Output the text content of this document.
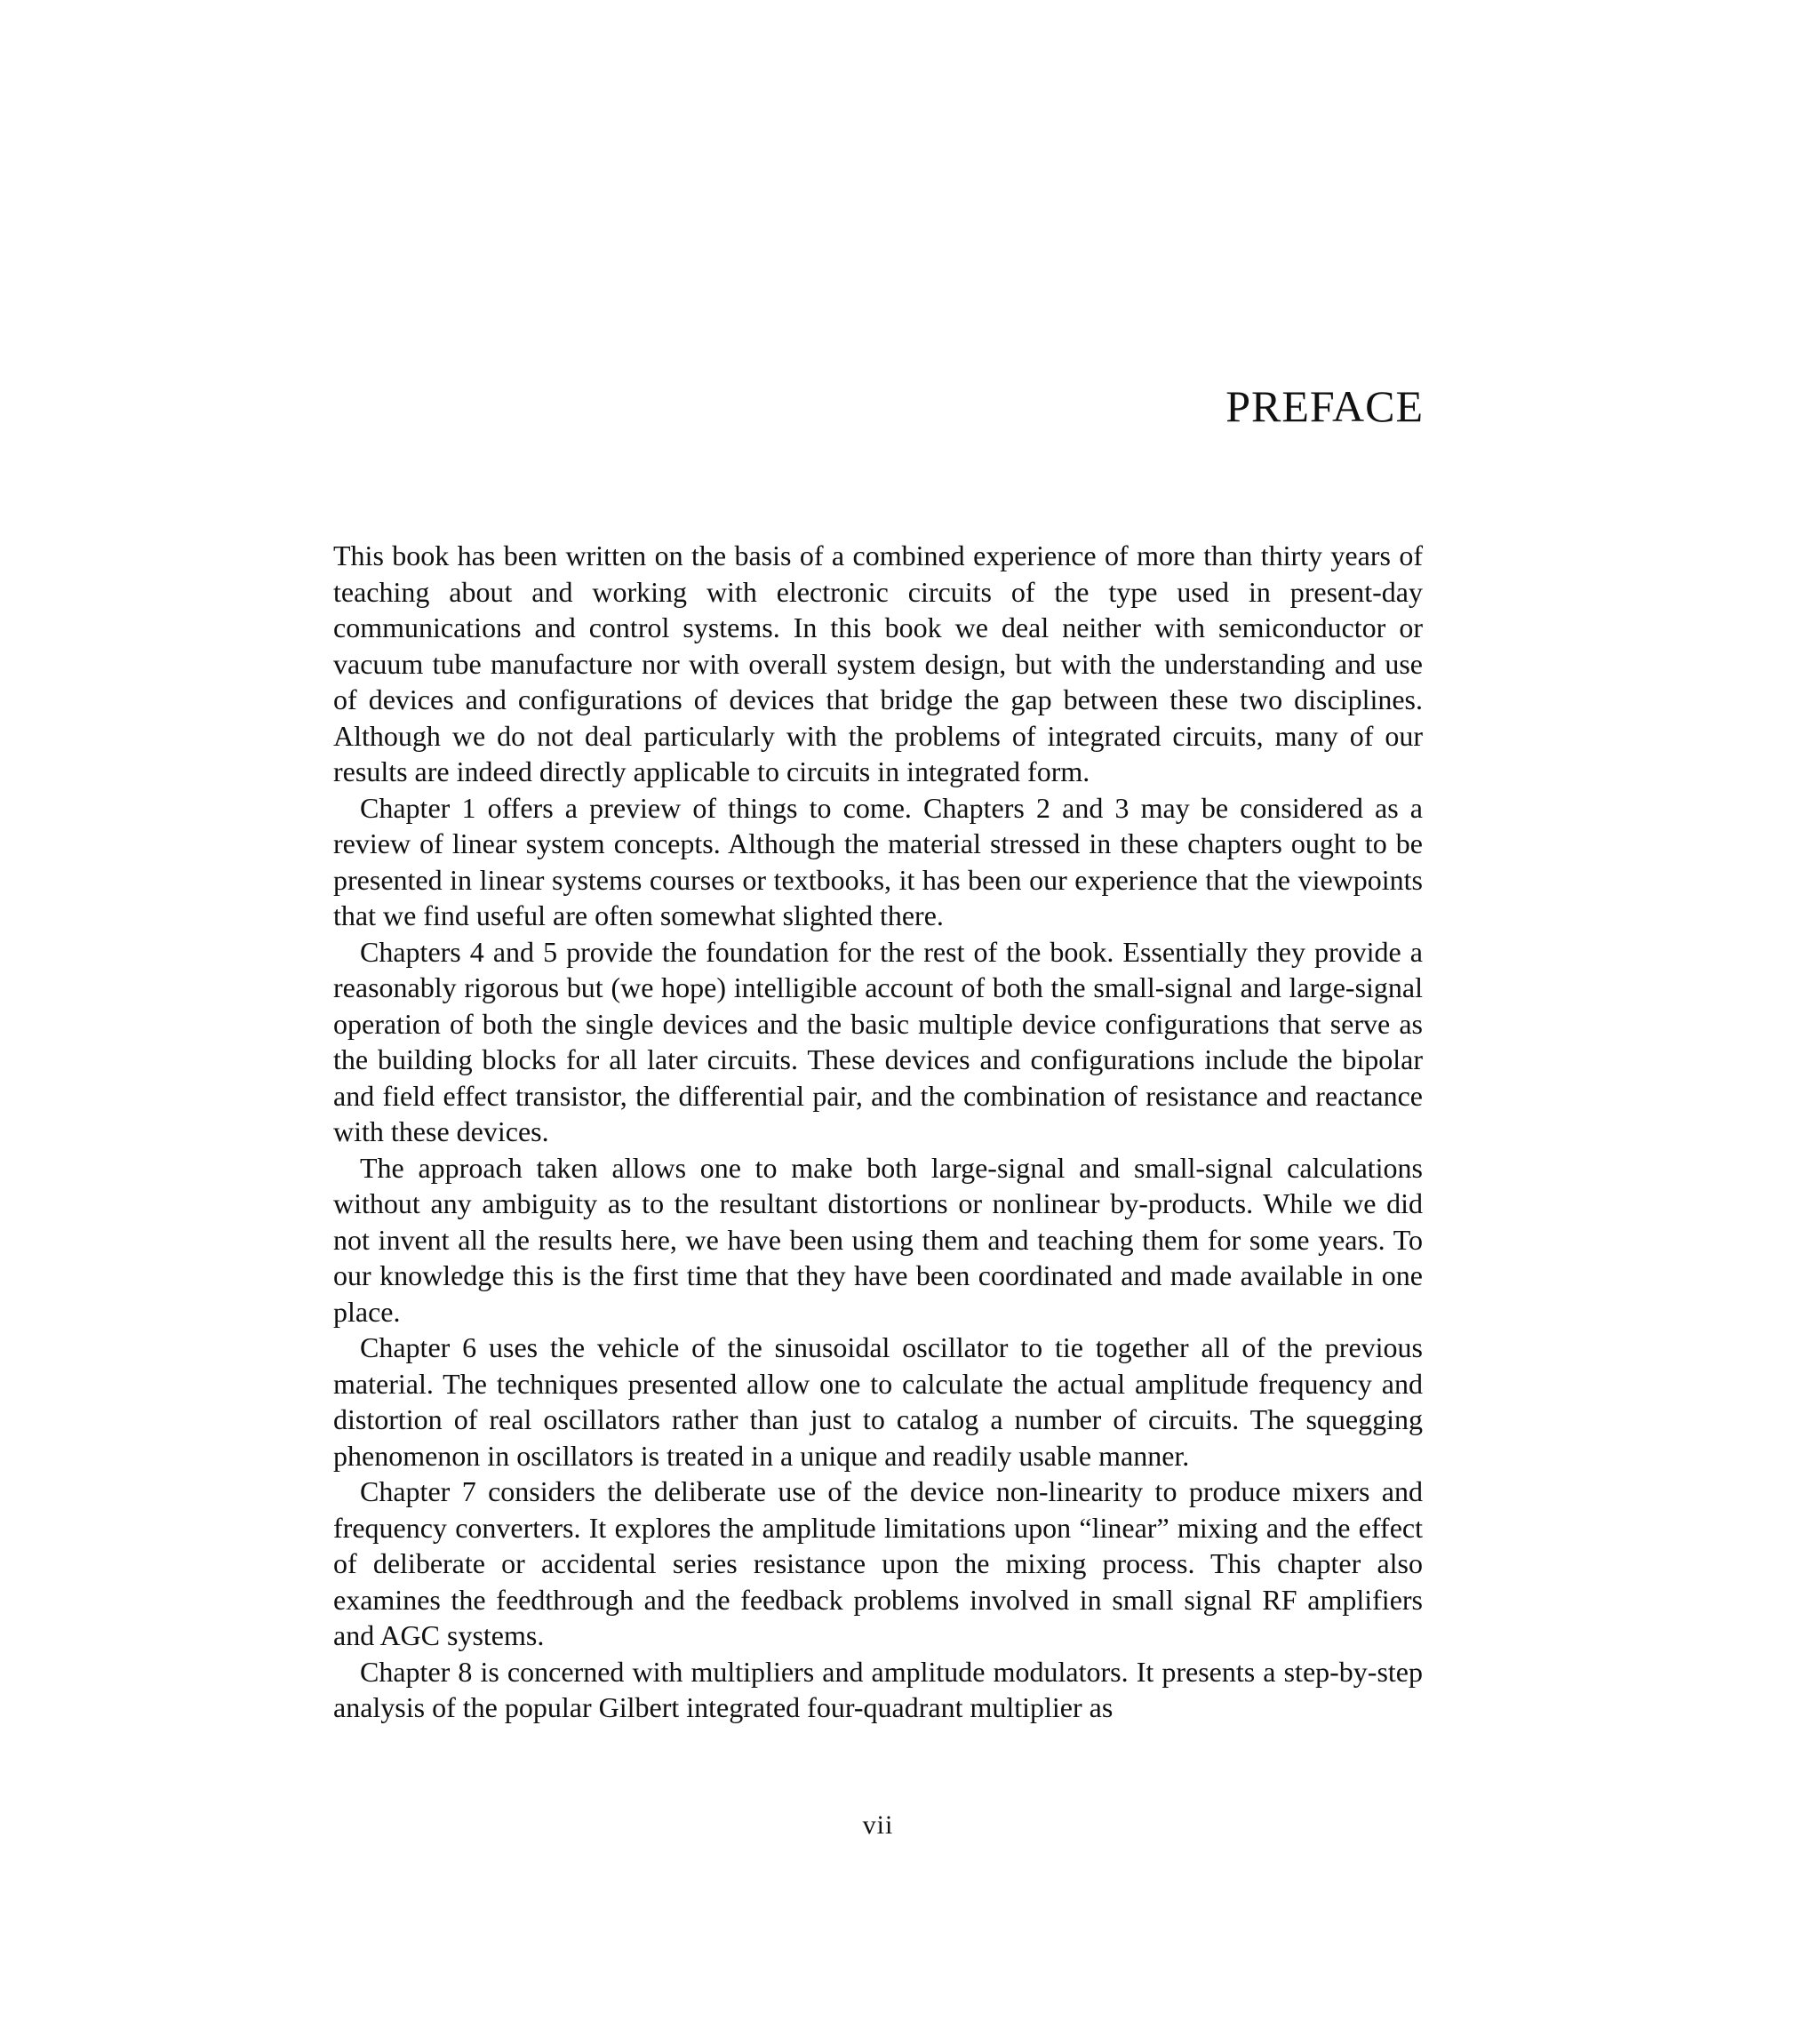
PREFACE

This book has been written on the basis of a combined experience of more than thirty years of teaching about and working with electronic circuits of the type used in present-day communications and control systems. In this book we deal neither with semiconductor or vacuum tube manufacture nor with overall system design, but with the understanding and use of devices and configurations of devices that bridge the gap between these two disciplines. Although we do not deal particularly with the problems of integrated circuits, many of our results are indeed directly applicable to circuits in integrated form.

Chapter 1 offers a preview of things to come. Chapters 2 and 3 may be considered as a review of linear system concepts. Although the material stressed in these chapters ought to be presented in linear systems courses or textbooks, it has been our experience that the viewpoints that we find useful are often somewhat slighted there.

Chapters 4 and 5 provide the foundation for the rest of the book. Essentially they provide a reasonably rigorous but (we hope) intelligible account of both the small-signal and large-signal operation of both the single devices and the basic multiple device configurations that serve as the building blocks for all later circuits. These devices and configurations include the bipolar and field effect transistor, the differential pair, and the combination of resistance and reactance with these devices.

The approach taken allows one to make both large-signal and small-signal calculations without any ambiguity as to the resultant distortions or nonlinear by-products. While we did not invent all the results here, we have been using them and teaching them for some years. To our knowledge this is the first time that they have been coordinated and made available in one place.

Chapter 6 uses the vehicle of the sinusoidal oscillator to tie together all of the previous material. The techniques presented allow one to calculate the actual amplitude frequency and distortion of real oscillators rather than just to catalog a number of circuits. The squegging phenomenon in oscillators is treated in a unique and readily usable manner.

Chapter 7 considers the deliberate use of the device non-linearity to produce mixers and frequency converters. It explores the amplitude limitations upon “linear” mixing and the effect of deliberate or accidental series resistance upon the mixing process. This chapter also examines the feedthrough and the feedback problems involved in small signal RF amplifiers and AGC systems.

Chapter 8 is concerned with multipliers and amplitude modulators. It presents a step-by-step analysis of the popular Gilbert integrated four-quadrant multiplier as

vii
